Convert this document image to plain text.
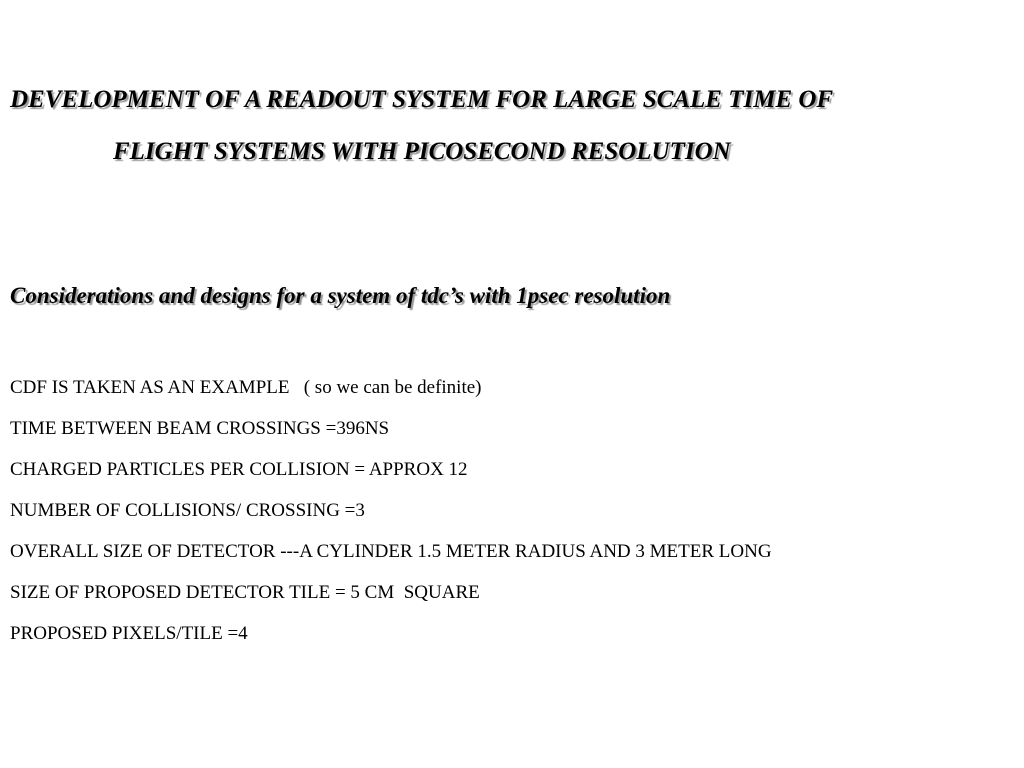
DEVELOPMENT OF A READOUT SYSTEM FOR LARGE SCALE TIME OF
FLIGHT SYSTEMS WITH PICOSECOND RESOLUTION
Considerations and designs for a system of tdc’s with 1psec resolution
CDF IS TAKEN AS AN EXAMPLE   ( so we can be definite)
TIME BETWEEN BEAM CROSSINGS =396NS
CHARGED PARTICLES PER COLLISION = APPROX 12
NUMBER OF COLLISIONS/ CROSSING =3
OVERALL SIZE OF DETECTOR ---A CYLINDER 1.5 METER RADIUS AND 3 METER LONG
SIZE OF PROPOSED DETECTOR TILE = 5 CM  SQUARE
PROPOSED PIXELS/TILE =4
